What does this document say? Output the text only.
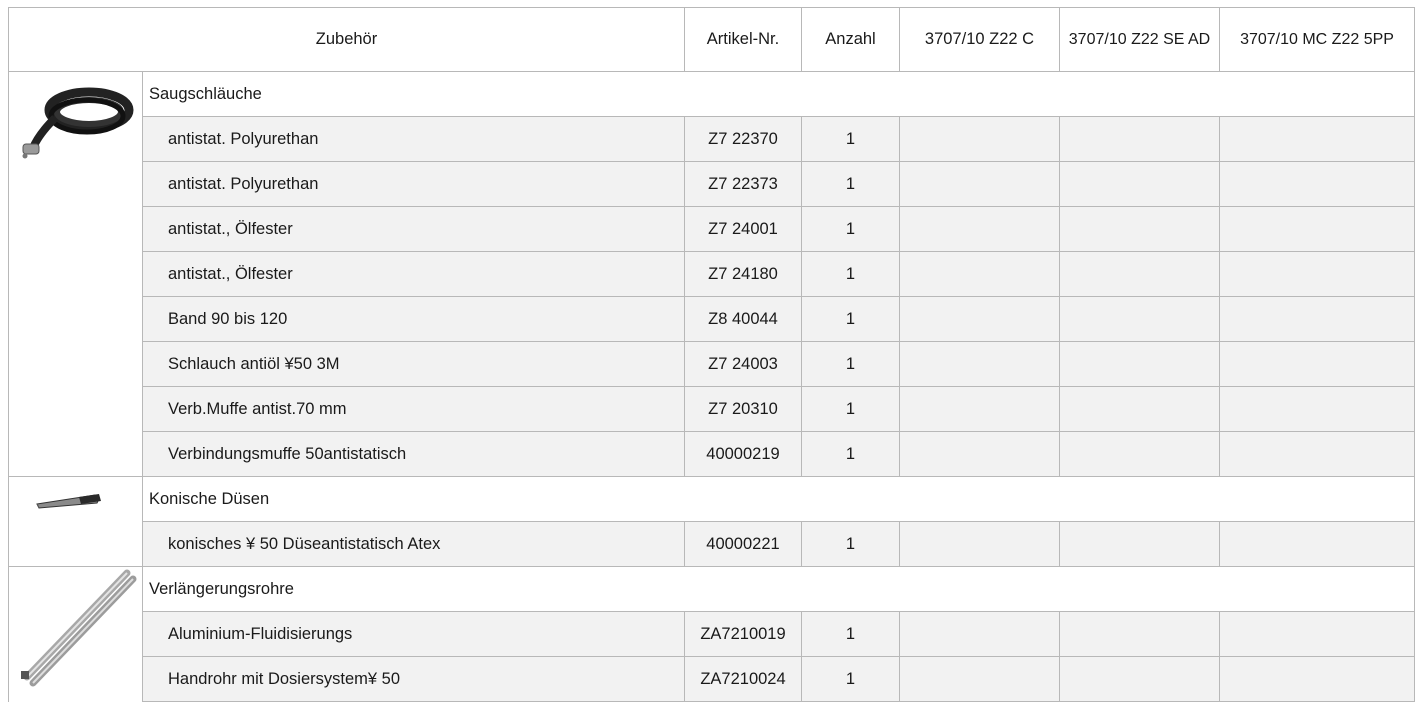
Zubehör		Artikel-Nr.	Anzahl	3707/10 Z22 C	3707/10 Z22 SE AD	3707/10 MC Z22 5PP

	Saugschläuche					
	antistat. Polyurethan	Z7 22370	1			
	antistat. Polyurethan	Z7 22373	1			
	antistat., Ölfester	Z7 24001	1			
	antistat., Ölfester	Z7 24180	1			
	Band 90 bis 120	Z8 40044	1			
	Schlauch antiöl ¥50 3M	Z7 24003	1			
	Verb.Muffe antist.70 mm	Z7 20310	1			
	Verbindungsmuffe 50antistatisch	40000219	1			

	Konische Düsen					
	konisches ¥ 50 Düseantistatisch Atex	40000221	1			

	Verlängerungsrohre					
	Aluminium-Fluidisierungs	ZA7210019	1			
	Handrohr mit Dosiersystem¥ 50	ZA7210024	1			
